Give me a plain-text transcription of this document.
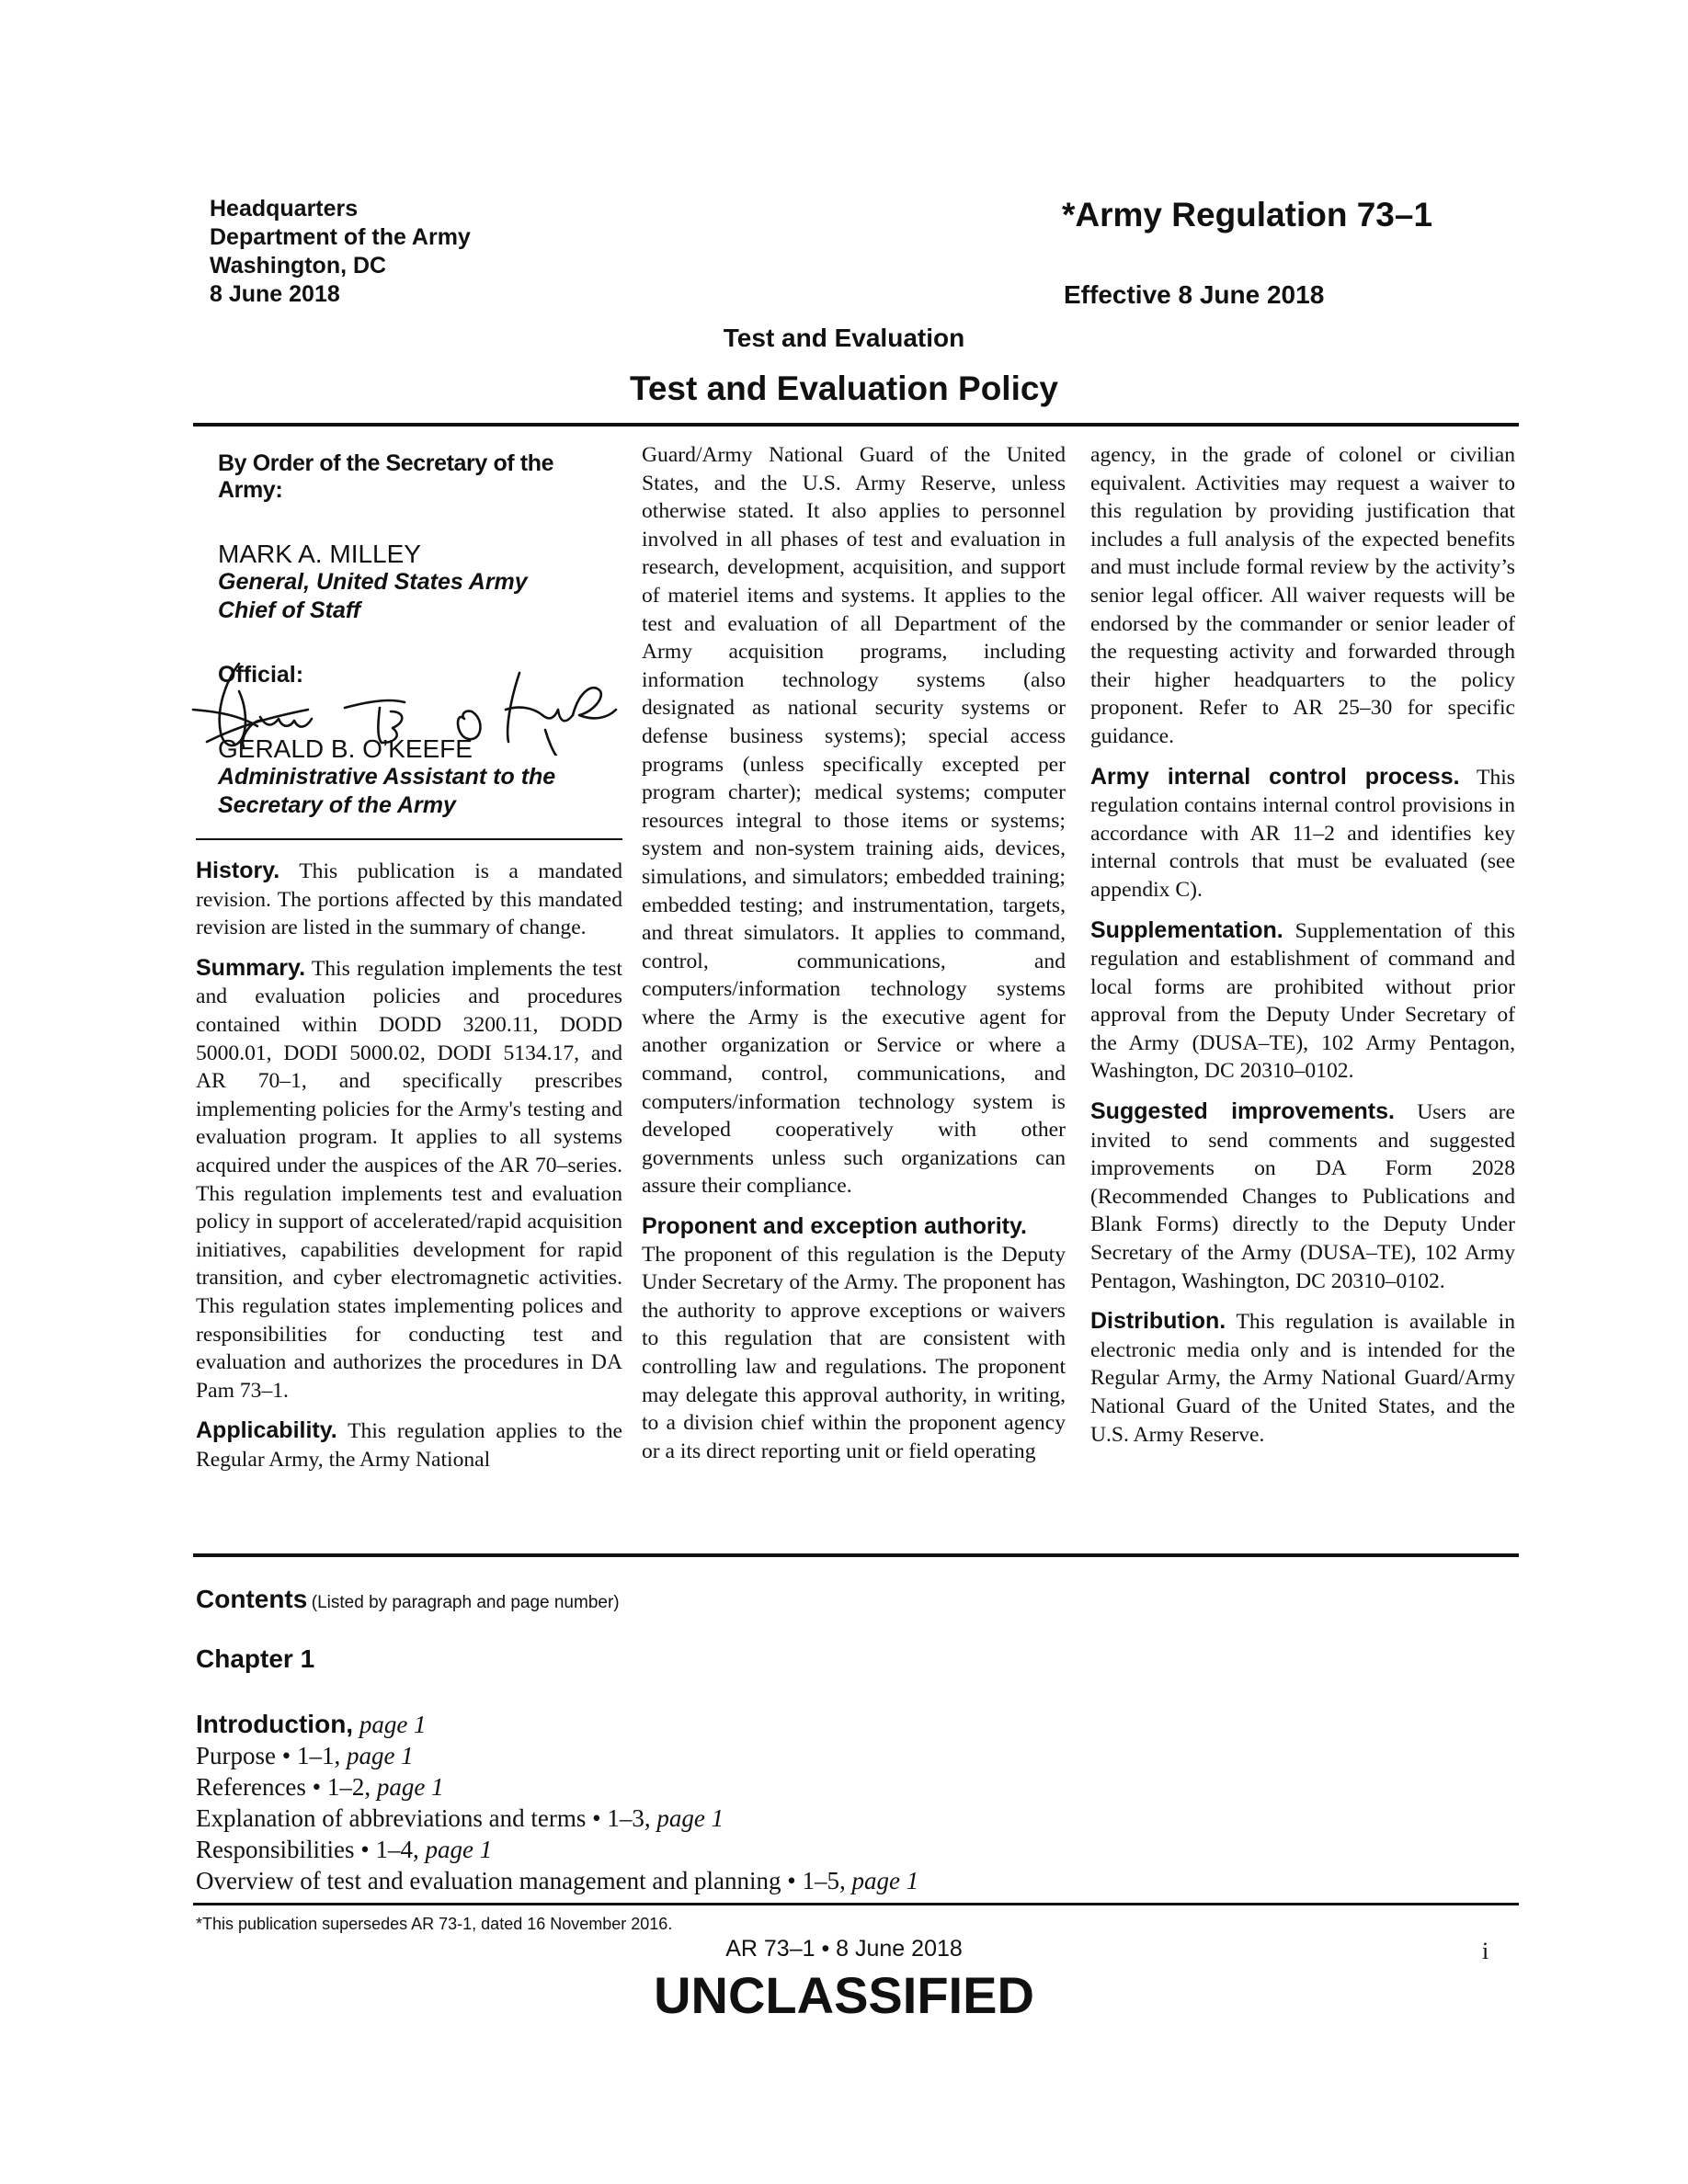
Headquarters
Department of the Army
Washington, DC
8 June 2018
*Army Regulation 73–1
Effective 8 June 2018
Test and Evaluation
Test and Evaluation Policy
By Order of the Secretary of the Army:
MARK A. MILLEY
General, United States Army
Chief of Staff
Official:
GERALD B. O’KEEFE
Administrative Assistant to the
Secretary of the Army

History. This publication is a mandated revision. The portions affected by this mandated revision are listed in the summary of change.

Summary. This regulation implements the test and evaluation policies and procedures contained within DODD 3200.11, DODD 5000.01, DODI 5000.02, DODI 5134.17, and AR 70–1, and specifically prescribes implementing policies for the Army's testing and evaluation program. It applies to all systems acquired under the auspices of the AR 70–series. This regulation implements test and evaluation policy in support of accelerated/rapid acquisition initiatives, capabilities development for rapid transition, and cyber electromagnetic activities. This regulation states implementing polices and responsibilities for conducting test and evaluation and authorizes the procedures in DA Pam 73–1.

Applicability. This regulation applies to the Regular Army, the Army National

Guard/Army National Guard of the United States, and the U.S. Army Reserve, unless otherwise stated. It also applies to personnel involved in all phases of test and evaluation in research, development, acquisition, and support of materiel items and systems. It applies to the test and evaluation of all Department of the Army acquisition programs, including information technology systems (also designated as national security systems or defense business systems); special access programs (unless specifically excepted per program charter); medical systems; computer resources integral to those items or systems; system and non-system training aids, devices, simulations, and simulators; embedded training; embedded testing; and instrumentation, targets, and threat simulators. It applies to command, control, communications, and computers/information technology systems where the Army is the executive agent for another organization or Service or where a command, control, communications, and computers/information technology system is developed cooperatively with other governments unless such organizations can assure their compliance.

Proponent and exception authority.
The proponent of this regulation is the Deputy Under Secretary of the Army. The proponent has the authority to approve exceptions or waivers to this regulation that are consistent with controlling law and regulations. The proponent may delegate this approval authority, in writing, to a division chief within the proponent agency or a its direct reporting unit or field operating

agency, in the grade of colonel or civilian equivalent. Activities may request a waiver to this regulation by providing justification that includes a full analysis of the expected benefits and must include formal review by the activity’s senior legal officer. All waiver requests will be endorsed by the commander or senior leader of the requesting activity and forwarded through their higher headquarters to the policy proponent. Refer to AR 25–30 for specific guidance.

Army internal control process. This regulation contains internal control provisions in accordance with AR 11–2 and identifies key internal controls that must be evaluated (see appendix C).

Supplementation. Supplementation of this regulation and establishment of command and local forms are prohibited without prior approval from the Deputy Under Secretary of the Army (DUSA–TE), 102 Army Pentagon, Washington, DC 20310–0102.

Suggested improvements. Users are invited to send comments and suggested improvements on DA Form 2028 (Recommended Changes to Publications and Blank Forms) directly to the Deputy Under Secretary of the Army (DUSA–TE), 102 Army Pentagon, Washington, DC 20310–0102.

Distribution. This regulation is available in electronic media only and is intended for the Regular Army, the Army National Guard/Army National Guard of the United States, and the U.S. Army Reserve.

Contents (Listed by paragraph and page number)
Chapter 1
Introduction, page 1
Purpose • 1–1, page 1
References • 1–2, page 1
Explanation of abbreviations and terms • 1–3, page 1
Responsibilities • 1–4, page 1
Overview of test and evaluation management and planning • 1–5, page 1
*This publication supersedes AR 73-1, dated 16 November 2016.
AR 73–1 • 8 June 2018	i
UNCLASSIFIED
